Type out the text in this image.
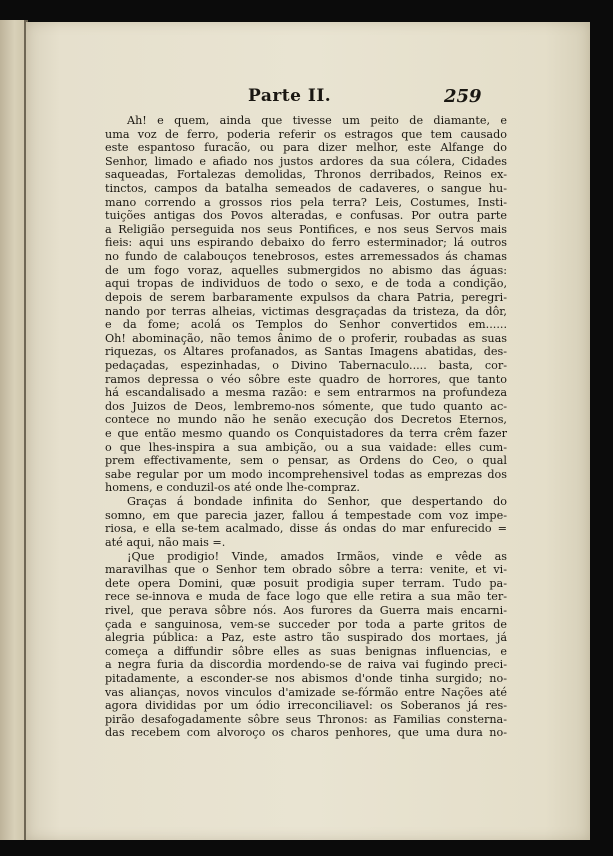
Parte II.	259

Ah! e quem, ainda que tivesse um peito de diamante, e
uma voz de ferro, poderia referir os estragos que tem causado
este espantoso furacão, ou para dizer melhor, este Alfange do
Senhor, limado e afiado nos justos ardores da sua cólera, Cidades
saqueadas, Fortalezas demolidas, Thronos derribados, Reinos ex-
tinctos, campos da batalha semeados de cadaveres, o sangue hu-
mano correndo a grossos rios pela terra? Leis, Costumes, Insti-
tuições antigas dos Povos alteradas, e confusas. Por outra parte
a Religião perseguida nos seus Pontifices, e nos seus Servos mais
fieis: aqui uns espirando debaixo do ferro esterminador; lá outros
no fundo de calabouços tenebrosos, estes arremessados ás chamas
de um fogo voraz, aquelles submergidos no abismo das águas:
aqui tropas de individuos de todo o sexo, e de toda a condição,
depois de serem barbaramente expulsos da chara Patria, peregri-
nando por terras alheias, victimas desgraçadas da tristeza, da dôr,
e da fome; acolá os Templos do Senhor convertidos em......
Oh! abominação, não temos ânimo de o proferir, roubadas as suas
riquezas, os Altares profanados, as Santas Imagens abatidas, des-
pedaçadas, espezinhadas, o Divino Tabernaculo..... basta, cor-
ramos depressa o véo sôbre este quadro de horrores, que tanto
há escandalisado a mesma razão: e sem entrarmos na profundeza
dos Juizos de Deos, lembremo-nos sómente, que tudo quanto ac-
contece no mundo não he senão execução dos Decretos Eternos,
e que então mesmo quando os Conquistadores da terra crêm fazer
o que lhes-inspira a sua ambição, ou a sua vaidade: elles cum-
prem effectivamente, sem o pensar, as Ordens do Ceo, o qual
sabe regular por um modo incomprehensivel todas as emprezas dos
homens, e conduzil-os até onde lhe-compraz.

Graças á bondade infinita do Senhor, que despertando do
somno, em que parecia jazer, fallou á tempestade com voz impe-
riosa, e ella se-tem acalmado, disse ás ondas do mar enfurecido =
até aqui, não mais =.

¡Que prodigio! Vinde, amados Irmãos, vinde e vêde as
maravilhas que o Senhor tem obrado sôbre a terra: venite, et vi-
dete opera Domini, quæ posuit prodigia super terram. Tudo pa-
rece se-innova e muda de face logo que elle retira a sua mão ter-
rivel, que perava sôbre nós. Aos furores da Guerra mais encarni-
çada e sanguinosa, vem-se succeder por toda a parte gritos de
alegria pública: a Paz, este astro tão suspirado dos mortaes, já
começa a diffundir sôbre elles as suas benignas influencias, e
a negra furia da discordia mordendo-se de raiva vai fugindo preci-
pitadamente, a esconder-se nos abismos d'onde tinha surgido; no-
vas alianças, novos vinculos d'amizade se-fórmão entre Nações até
agora divididas por um ódio irreconciliavel: os Soberanos já res-
pirão desafogadamente sôbre seus Thronos: as Familias consterna-
das recebem com alvoroço os charos penhores, que uma dura no-
